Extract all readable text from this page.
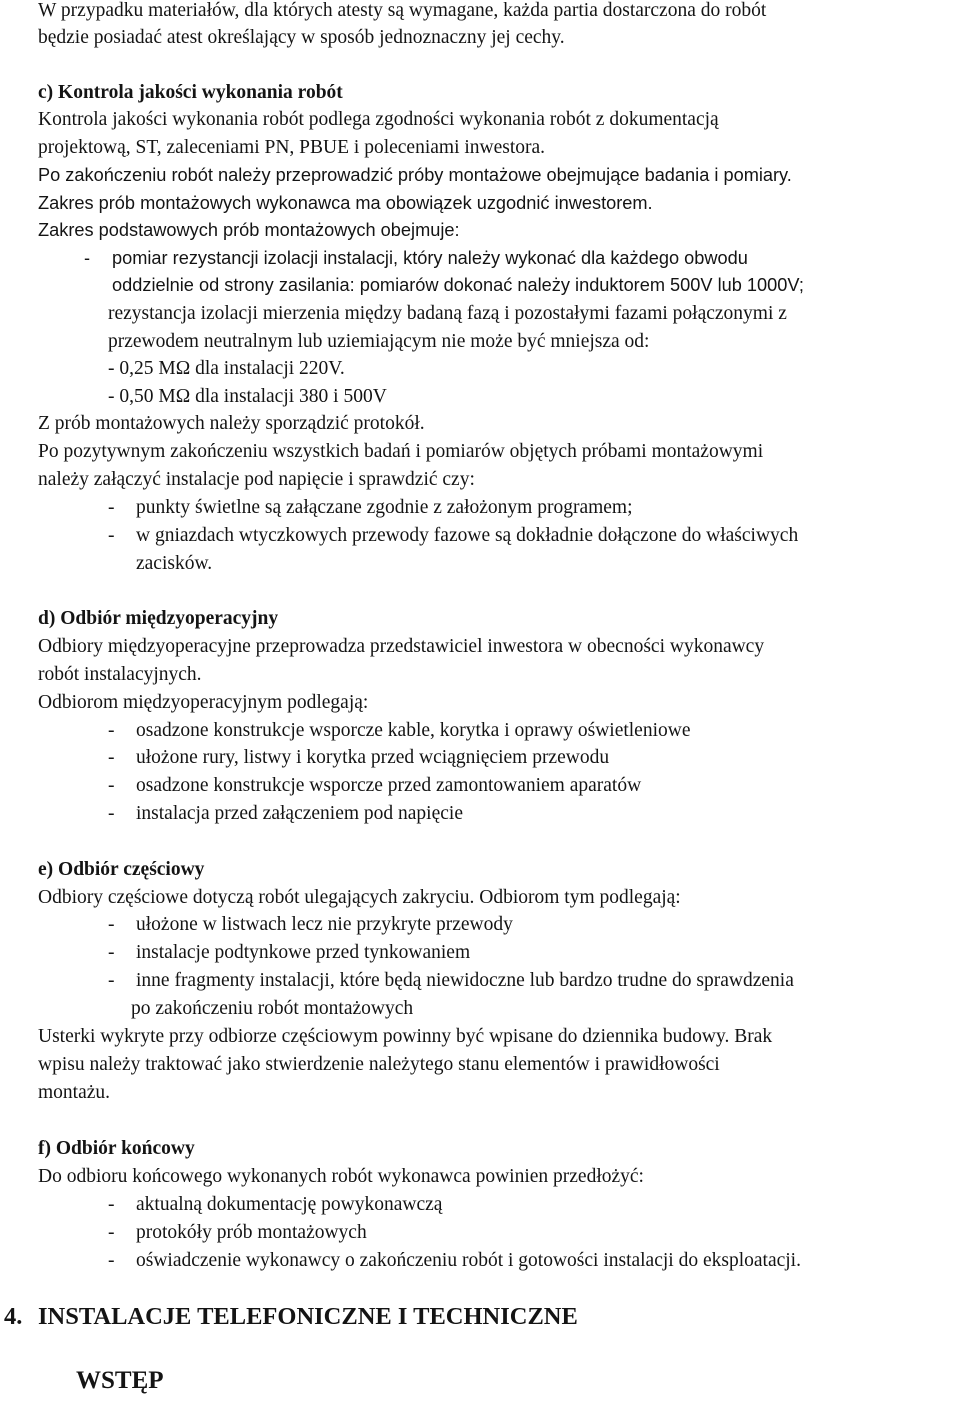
W przypadku materiałów, dla których atesty są wymagane, każda partia dostarczona do robót
będzie posiadać atest określający w sposób jednoznaczny jej cechy.
c) Kontrola jakości wykonania robót
Kontrola jakości wykonania robót podlega zgodności wykonania robót z dokumentacją
projektową, ST, zaleceniami PN, PBUE i poleceniami inwestora.
Po zakończeniu robót należy przeprowadzić próby montażowe obejmujące badania i pomiary.
Zakres prób montażowych wykonawca ma obowiązek uzgodnić inwestorem.
Zakres podstawowych prób montażowych obejmuje:
- pomiar rezystancji izolacji instalacji, który należy wykonać dla każdego obwodu
oddzielnie od strony zasilania: pomiarów dokonać należy induktorem 500V lub 1000V;
rezystancja izolacji mierzenia między badaną fazą i pozostałymi fazami połączonymi z
przewodem neutralnym lub uziemiającym nie może być mniejsza od:
- 0,25 MΩ dla instalacji 220V.
- 0,50 MΩ dla instalacji 380 i 500V
Z prób montażowych należy sporządzić protokół.
Po pozytywnym zakończeniu wszystkich badań i pomiarów objętych próbami montażowymi
należy załączyć instalacje pod napięcie i sprawdzić czy:
- punkty świetlne są załączane zgodnie z założonym programem;
- w gniazdach wtyczkowych przewody fazowe są dokładnie dołączone do właściwych
zacisków.
d) Odbiór międzyoperacyjny
Odbiory międzyoperacyjne przeprowadza przedstawiciel inwestora w obecności wykonawcy
robót instalacyjnych.
Odbiorom międzyoperacyjnym podlegają:
- osadzone konstrukcje wsporcze kable, korytka i oprawy oświetleniowe
- ułożone rury, listwy i korytka przed wciągnięciem przewodu
- osadzone konstrukcje wsporcze przed zamontowaniem aparatów
- instalacja przed załączeniem pod napięcie
e) Odbiór częściowy
Odbiory częściowe dotyczą robót ulegających zakryciu. Odbiorom tym podlegają:
- ułożone w listwach lecz nie przykryte przewody
- instalacje podtynkowe przed tynkowaniem
- inne fragmenty instalacji, które będą niewidoczne lub bardzo trudne do sprawdzenia
po zakończeniu robót montażowych
Usterki wykryte przy odbiorze częściowym powinny być wpisane do dziennika budowy. Brak
wpisu należy traktować jako stwierdzenie należytego stanu elementów i prawidłowości
montażu.
f) Odbiór końcowy
Do odbioru końcowego wykonanych robót wykonawca powinien przedłożyć:
- aktualną dokumentację powykonawczą
- protokóły prób montażowych
- oświadczenie wykonawcy o zakończeniu robót i gotowości instalacji do eksploatacji.
4. INSTALACJE TELEFONICZNE I TECHNICZNE
WSTĘP
